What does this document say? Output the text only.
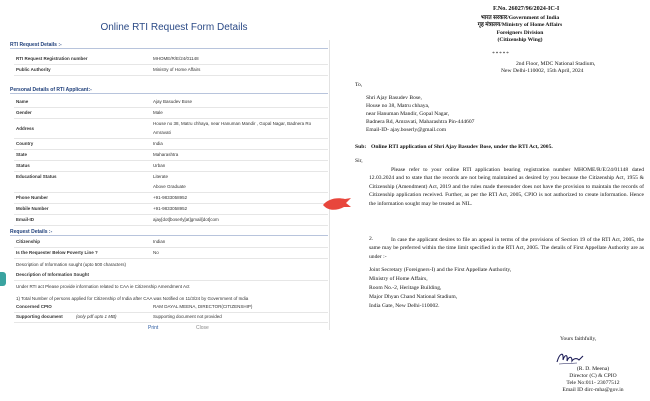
Online RTI Request Form Details
RTI Request Details :-
RTI Request Registration number	MHOME/R/E/24/01148
Public Authority	Ministry of Home Affairs
Personal Details of RTI Applicant:-
Name	Ajay Basudev Bose
Gender	Male
Address
House no 38, Matru chhaya, near Hanuman Mandir , Gopal Nagar, Badnera Ro
Amravati
Country	India
State	Maharashtra
Status	Urban
Educational Status	Literate
Above Graduate
Phone Number	+91-9833058952
Mobile Number	+91-9833058952
Email-ID	ajay[dot]boserly[at]gmail[dot]com
Request Details :-
Citizenship	Indian
Is the Requester Below Poverty Line ?	No
Description of Information sought (upto 500 characters)
Description of Information Sought
Under RTI act Please provide information related to CAA ie Citizenship Amendment Act
1) Total Number of persons applied for Citizenship of India after CAA was Notified on 11/3/24 by Government of India
Concerned CPIO	RAM DAYAL MEENA, DIRECTOR(CITIZENSHIP)
Supporting document	(only pdf upto 1 MB)	Supporting document not provided
Print	Close
F.No. 26027/96/2024-IC-I
भारत सरकार/Government of India
गृह मंत्रालय/Ministry of Home Affairs
Foreigners Division
(Citizenship Wing)
*****
2nd Floor, MDC National Stadium,
New Delhi-110002, 15th April, 2024
To,
Shri Ajay Basudev Bose,
House no 38, Matru chhaya,
near Hanuman Mandir, Gopal Nagar,
Badnera Rd, Amravati, Maharashtra Pin-444607
Email-ID- ajay.boserly@gmail.com
Sub: Online RTI application of Shri Ajay Basudev Bose, under the RTI Act, 2005.
Sir,
Please refer to your online RTI application bearing registration number MHOME/R/E/24/01148 dated 12.03.2024 and to state that the records are not being maintained as desired by you because the Citizenship Act, 1955 & Citizenship (Amendment) Act, 2019 and the rules made thereunder does not have the provision to maintain the records of Citizenship application received. Further, as per the RTI Act, 2005, CPIO is not authorized to create information. Hence the information sought may be treated as NIL.
2.	In case the applicant desires to file an appeal in terms of the provisions of Section 19 of the RTI Act, 2005, the same may be preferred within the time limit specified in the RTI Act, 2005. The details of First Appellate Authority are as under :-
Joint Secretary (Foreigners-I) and the First Appellate Authority,
Ministry of Home Affairs,
Room No.-2, Heritage Building,
Major Dhyan Chand National Stadium,
India Gate, New Delhi-110002.
Yours faithfully,
(R. D. Meena)
Director (C) & CPIO
Tele No:011- 23077512
Email ID dirc-mha@gov.in
